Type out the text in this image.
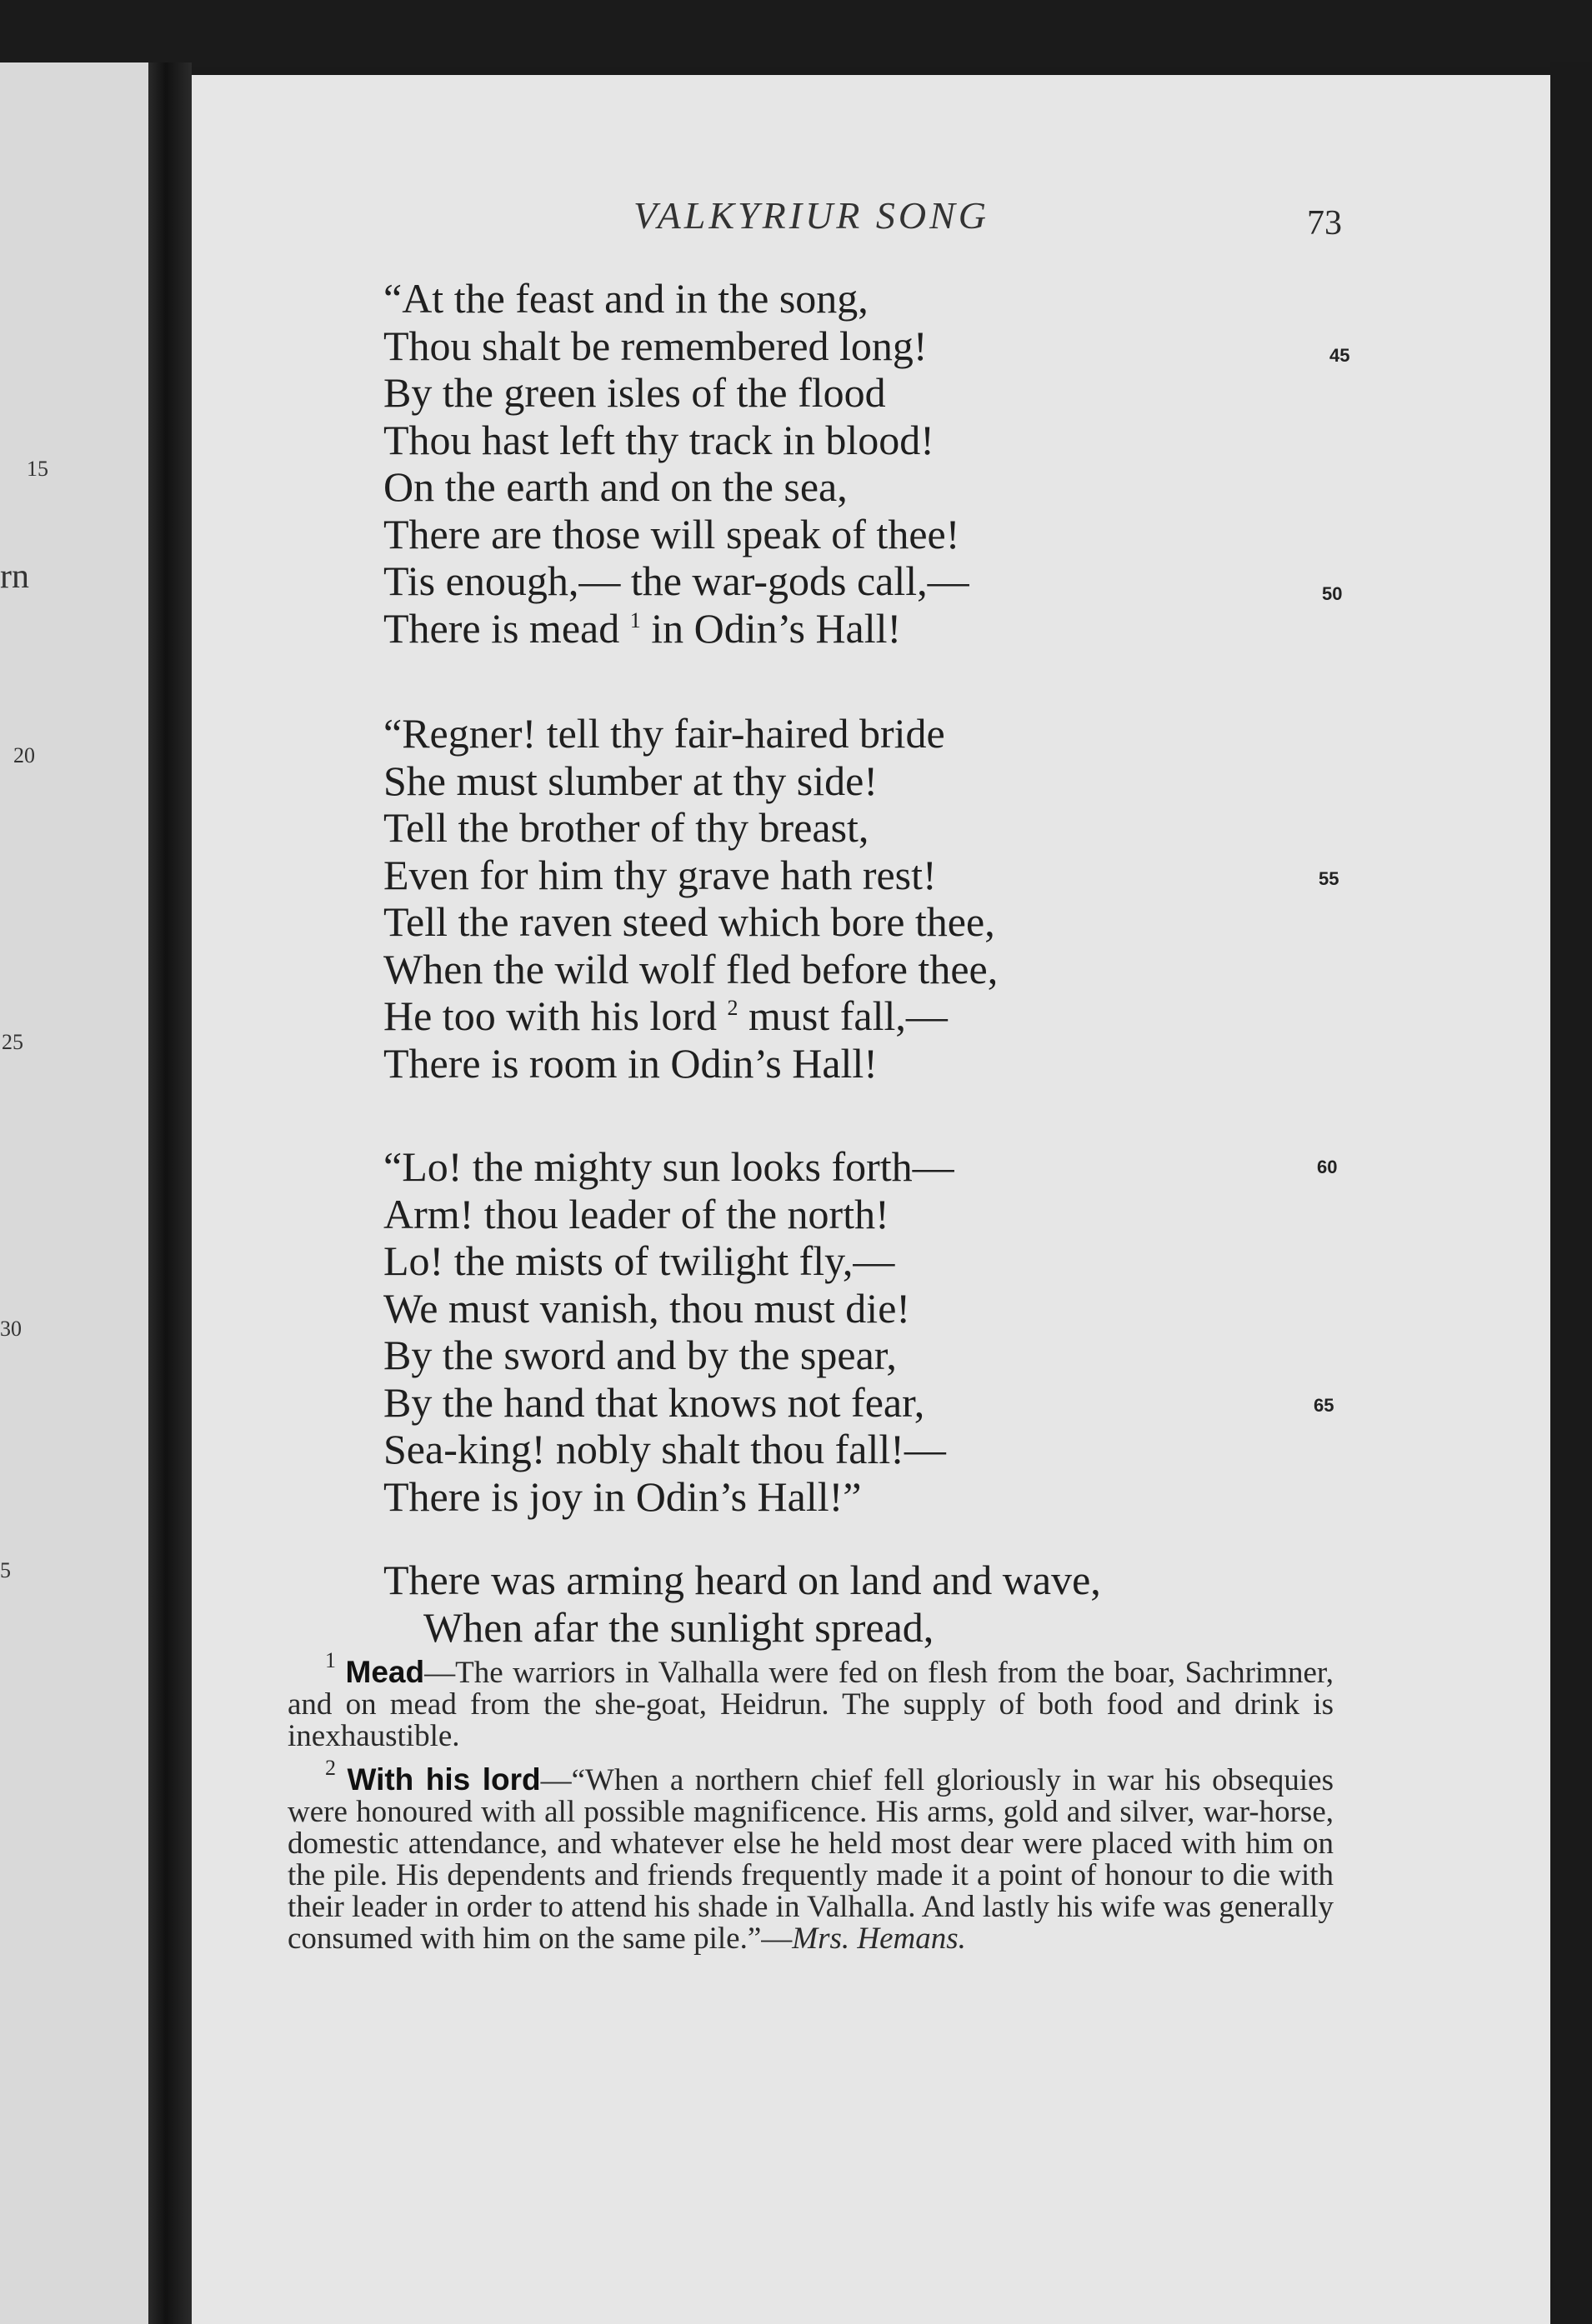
15
rn
20
25
30
5
VALKYRIUR SONG	73
“At the feast and in the song,
Thou shalt be remembered long!
By the green isles of the flood
Thou hast left thy track in blood!
On the earth and on the sea,
There are those will speak of thee!
Tis enough,— the war-gods call,—
There is mead $^1$ in Odin’s Hall!
“Regner! tell thy fair-haired bride
She must slumber at thy side!
Tell the brother of thy breast,
Even for him thy grave hath rest!
Tell the raven steed which bore thee,
When the wild wolf fled before thee,
He too with his lord $^2$ must fall,—
There is room in Odin’s Hall!
“Lo! the mighty sun looks forth—
Arm! thou leader of the north!
Lo! the mists of twilight fly,—
We must vanish, thou must die!
By the sword and by the spear,
By the hand that knows not fear,
Sea-king! nobly shalt thou fall!—
There is joy in Odin’s Hall!”
There was arming heard on land and wave,
When afar the sunlight spread,
45
50
55
60
65

$^1$ Mead—The warriors in Valhalla were fed on flesh from the boar, Sachrimner, and on mead from the she-goat, Heidrun. The supply of both food and drink is inexhaustible.

$^2$ With his lord—“When a northern chief fell gloriously in war his obsequies were honoured with all possible magnificence. His arms, gold and silver, war-horse, domestic attendance, and whatever else he held most dear were placed with him on the pile. His dependents and friends frequently made it a point of honour to die with their leader in order to attend his shade in Valhalla. And lastly his wife was generally consumed with him on the same pile.”—Mrs. Hemans.
